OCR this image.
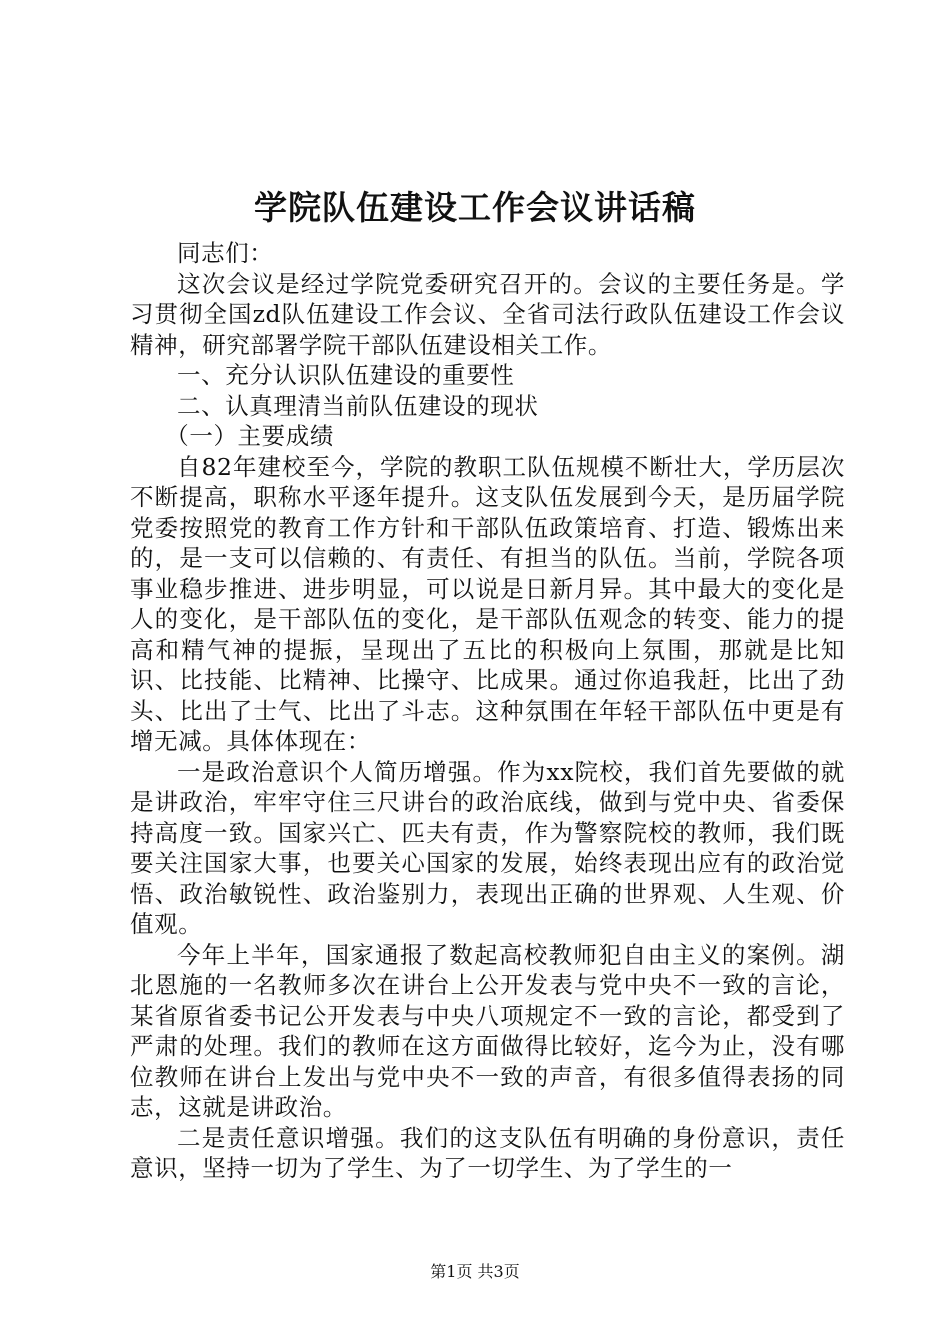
学院队伍建设工作会议讲话稿

同志们：

这次会议是经过学院党委研究召开的。会议的主要任务是。学习贯彻全国zd队伍建设工作会议、全省司法行政队伍建设工作会议精神，研究部署学院干部队伍建设相关工作。

一、充分认识队伍建设的重要性

二、认真理清当前队伍建设的现状

（一）主要成绩

自82年建校至今，学院的教职工队伍规模不断壮大，学历层次不断提高，职称水平逐年提升。这支队伍发展到今天，是历届学院党委按照党的教育工作方针和干部队伍政策培育、打造、锻炼出来的，是一支可以信赖的、有责任、有担当的队伍。当前，学院各项事业稳步推进、进步明显，可以说是日新月异。其中最大的变化是人的变化，是干部队伍的变化，是干部队伍观念的转变、能力的提高和精气神的提振，呈现出了五比的积极向上氛围，那就是比知识、比技能、比精神、比操守、比成果。通过你追我赶，比出了劲头、比出了士气、比出了斗志。这种氛围在年轻干部队伍中更是有增无减。具体体现在：

一是政治意识个人简历增强。作为xx院校，我们首先要做的就是讲政治，牢牢守住三尺讲台的政治底线，做到与党中央、省委保持高度一致。国家兴亡、匹夫有责，作为警察院校的教师，我们既要关注国家大事，也要关心国家的发展，始终表现出应有的政治觉悟、政治敏锐性、政治鉴别力，表现出正确的世界观、人生观、价值观。

今年上半年，国家通报了数起高校教师犯自由主义的案例。湖北恩施的一名教师多次在讲台上公开发表与党中央不一致的言论，某省原省委书记公开发表与中央八项规定不一致的言论，都受到了严肃的处理。我们的教师在这方面做得比较好，迄今为止，没有哪位教师在讲台上发出与党中央不一致的声音，有很多值得表扬的同志，这就是讲政治。

二是责任意识增强。我们的这支队伍有明确的身份意识，责任意识，坚持一切为了学生、为了一切学生、为了学生的一

第1页 共3页
